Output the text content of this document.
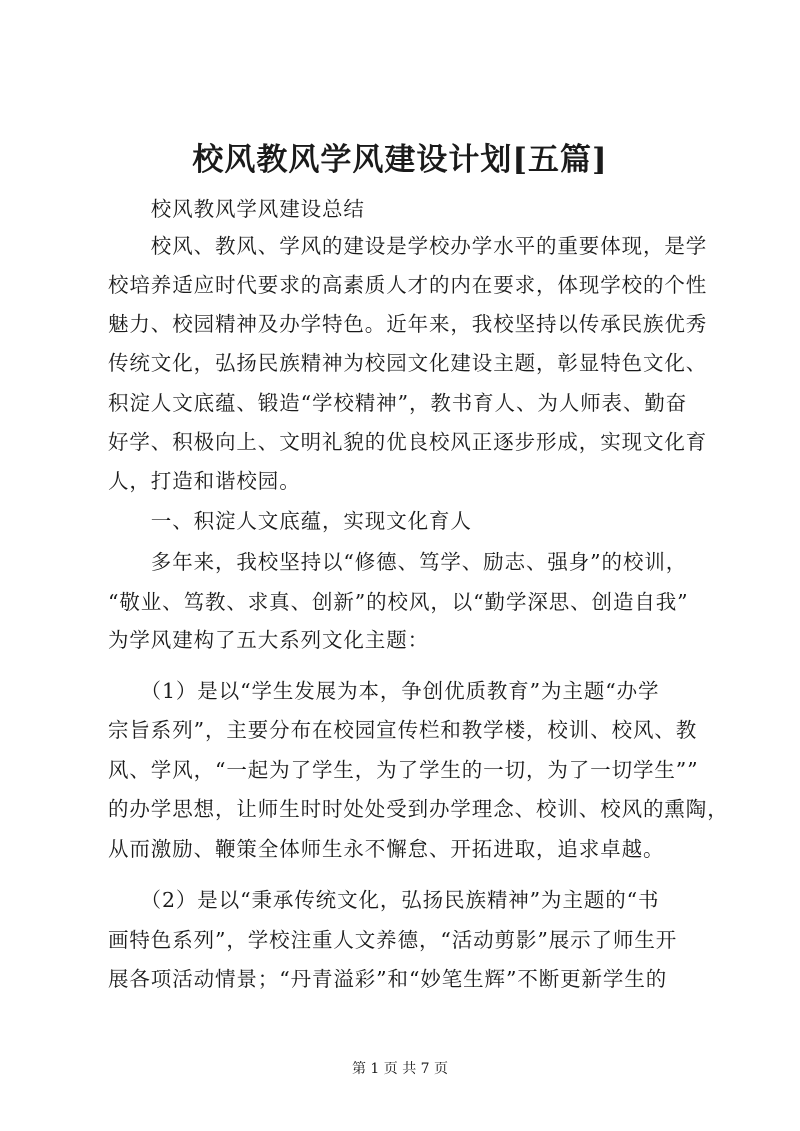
校风教风学风建设计划[五篇]
　　校风教风学风建设总结
　　校风、教风、学风的建设是学校办学水平的重要体现，是学
校培养适应时代要求的高素质人才的内在要求，体现学校的个性
魅力、校园精神及办学特色。近年来，我校坚持以传承民族优秀
传统文化，弘扬民族精神为校园文化建设主题，彰显特色文化、
积淀人文底蕴、锻造“学校精神”，教书育人、为人师表、勤奋
好学、积极向上、文明礼貌的优良校风正逐步形成，实现文化育
人，打造和谐校园。
　　一、积淀人文底蕴，实现文化育人
　　多年来，我校坚持以“修德、笃学、励志、强身”的校训，
“敬业、笃教、求真、创新”的校风，以“勤学深思、创造自我”
为学风建构了五大系列文化主题：
　　（1）是以“学生发展为本，争创优质教育”为主题“办学
宗旨系列”，主要分布在校园宣传栏和教学楼，校训、校风、教
风、学风，“一起为了学生，为了学生的一切，为了一切学生””
的办学思想，让师生时时处处受到办学理念、校训、校风的熏陶，
从而激励、鞭策全体师生永不懈怠、开拓进取，追求卓越。
　　（2）是以“秉承传统文化，弘扬民族精神”为主题的“书
画特色系列”，学校注重人文养德，“活动剪影”展示了师生开
展各项活动情景；“丹青溢彩”和“妙笔生辉”不断更新学生的
第 1 页 共 7 页
